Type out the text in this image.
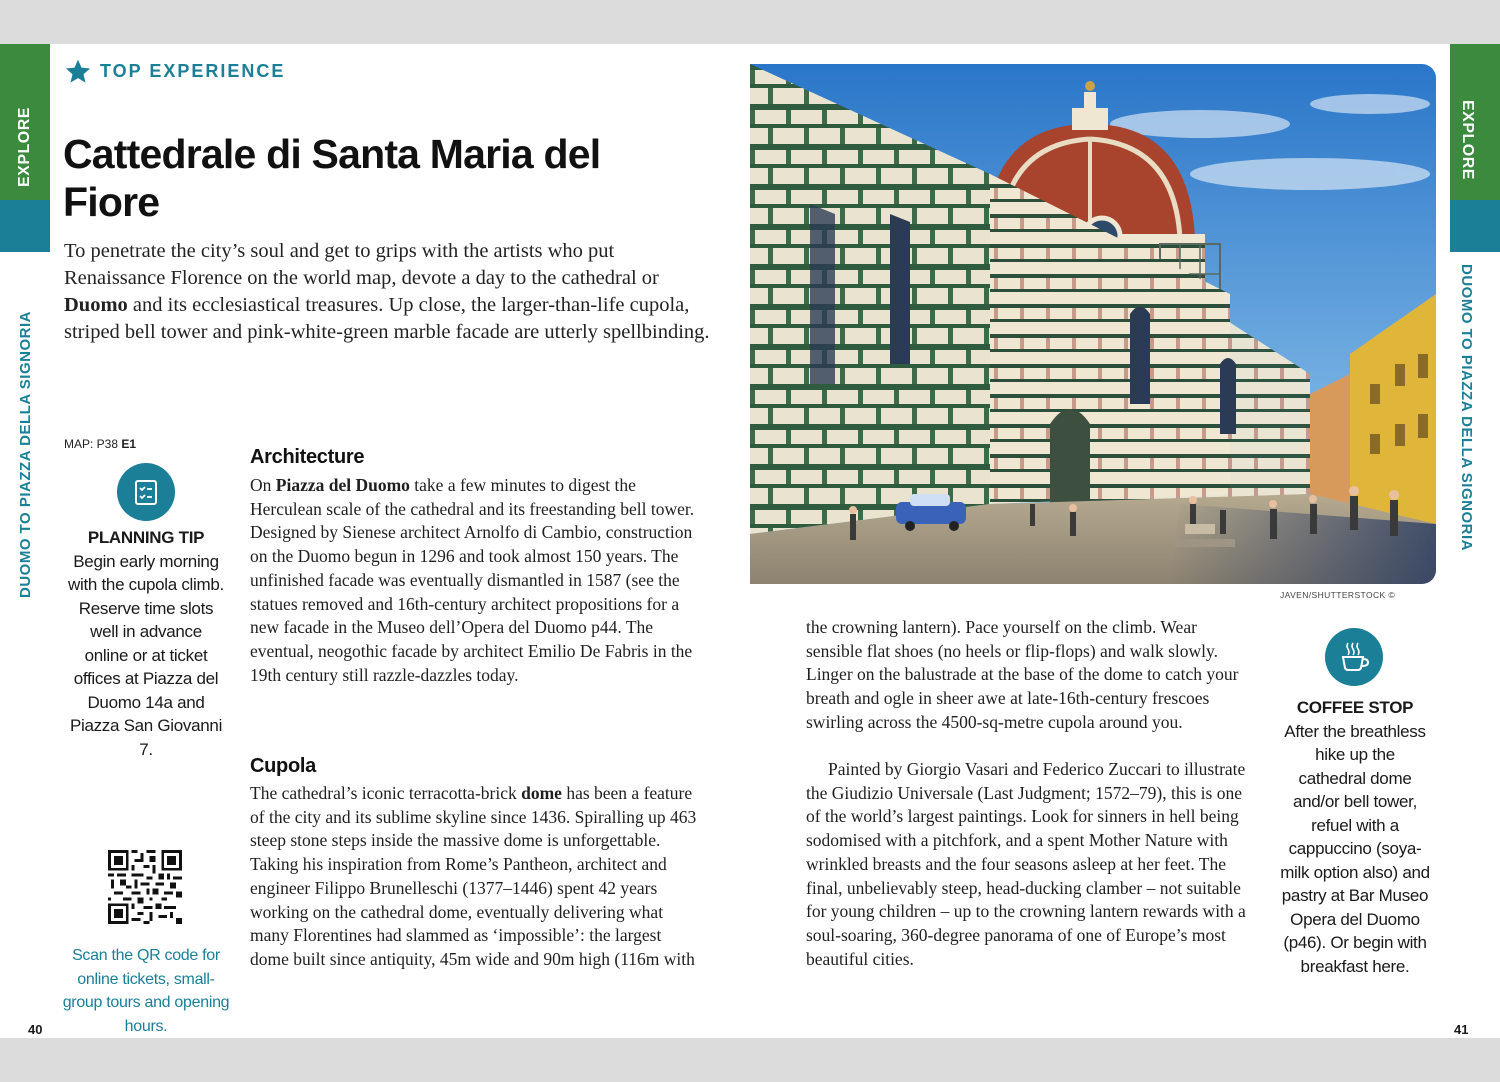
EXPLORE
DUOMO TO PIAZZA DELLA SIGNORIA
EXPLORE
DUOMO TO PIAZZA DELLA SIGNORIA
40	41
TOP EXPERIENCE
Cattedrale di Santa Maria del Fiore

To penetrate the city’s soul and get to grips with the artists who put Renaissance Florence on the world map, devote a day to the cathedral or Duomo and its ecclesiastical treasures. Up close, the larger-than-life cupola, striped bell tower and pink-white-green marble facade are utterly spellbinding.

MAP: P38 E1
PLANNING TIP
Begin early morning with the cupola climb. Reserve time slots well in advance online or at ticket offices at Piazza del Duomo 14a and Piazza San Giovanni 7.
Scan the QR code for online tickets, small-group tours and opening hours.
Architecture

On Piazza del Duomo take a few minutes to digest the Herculean scale of the cathedral and its freestanding bell tower. Designed by Sienese architect Arnolfo di Cambio, construction on the Duomo begun in 1296 and took almost 150 years. The unfinished facade was eventually dismantled in 1587 (see the statues removed and 16th-century architect propositions for a new facade in the Museo dell’Opera del Duomo p44. The eventual, neogothic facade by architect Emilio De Fabris in the 19th century still razzle-dazzles today.

Cupola

The cathedral’s iconic terracotta-brick dome has been a feature of the city and its sublime skyline since 1436. Spiralling up 463 steep stone steps inside the massive dome is unforgettable. Taking his inspiration from Rome’s Pantheon, architect and engineer Filippo Brunelleschi (1377–1446) spent 42 years working on the cathedral dome, eventually delivering what many Florentines had slammed as ‘impossible’: the largest dome built since antiquity, 45m wide and 90m high (116m with

JAVEN/SHUTTERSTOCK ©

the crowning lantern). Pace yourself on the climb. Wear sensible flat shoes (no heels or flip-flops) and walk slowly. Linger on the balustrade at the base of the dome to catch your breath and ogle in sheer awe at late-16th-century frescoes swirling across the 4500-sq-metre cupola around you.

Painted by Giorgio Vasari and Federico Zuccari to illustrate the Giudizio Universale (Last Judgment; 1572–79), this is one of the world’s largest paintings. Look for sinners in hell being sodomised with a pitchfork, and a spent Mother Nature with wrinkled breasts and the four seasons asleep at her feet. The final, unbelievably steep, head-ducking clamber – not suitable for young children – up to the crowning lantern rewards with a soul-soaring, 360-degree panorama of one of Europe’s most beautiful cities.

COFFEE STOP
After the breathless hike up the cathedral dome and/or bell tower, refuel with a cappuccino (soya-milk option also) and pastry at Bar Museo Opera del Duomo (p46). Or begin with breakfast here.
